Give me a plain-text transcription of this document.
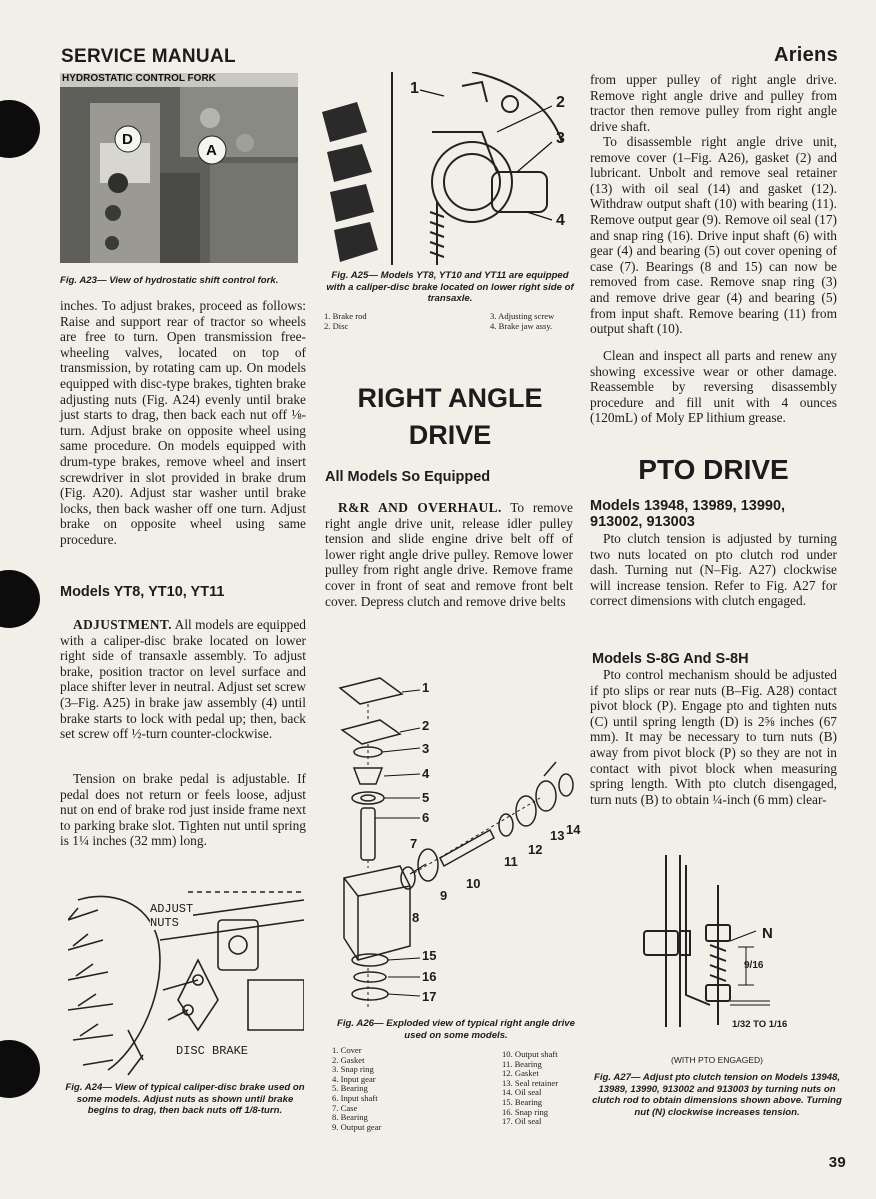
SERVICE MANUAL	Ariens
HYDROSTATIC CONTROL FORK
D
A
Fig. A23— View of hydrostatic shift control fork.

inches. To adjust brakes, proceed as follows: Raise and support rear of tractor so wheels are free to turn. Open transmission free-wheeling valves, located on top of transmission, by rotating cam up. On models equipped with disc-type brakes, tighten brake adjusting nuts (Fig. A24) evenly until brake just starts to drag, then back each nut off ⅛-turn. Adjust brake on opposite wheel using same procedure. On models equipped with drum-type brakes, remove wheel and insert screwdriver in slot provided in brake drum (Fig. A20). Adjust star washer until brake locks, then back washer off one turn. Adjust brake on opposite wheel using same procedure.

Models YT8, YT10, YT11

ADJUSTMENT. All models are equipped with a caliper-disc brake located on lower right side of transaxle assembly. To adjust brake, position tractor on level surface and place shifter lever in neutral. Adjust set screw (3–Fig. A25) in brake jaw assembly (4) until brake starts to lock with pedal up; then, back set screw off ½-turn counter-clockwise.

Tension on brake pedal is adjustable. If pedal does not return or feels loose, adjust nut on end of brake rod just inside frame next to parking brake slot. Tighten nut until spring is 1¼ inches (32 mm) long.

ADJUST
NUTS
DISC BRAKE
Fig. A24— View of typical caliper-disc brake used on some models. Adjust nuts as shown until brake begins to drag, then back nuts off 1/8-turn.
1
2
3
4
Fig. A25— Models YT8, YT10 and YT11 are equipped with a caliper-disc brake located on lower right side of transaxle.
1. Brake rod
2. Disc
3. Adjusting screw
4. Brake jaw assy.
RIGHT ANGLE
DRIVE
All Models So Equipped

R&R AND OVERHAUL. To remove right angle drive unit, release idler pulley tension and slide engine drive belt off of lower right angle drive pulley. Remove lower pulley from right angle drive. Remove frame cover in front of seat and remove front belt cover. Depress clutch and remove drive belts

1
2
3
4
5
6
7
8
9
10
11
12
13 14
15
16
17
Fig. A26— Exploded view of typical right angle drive used on some models.
1. Cover
2. Gasket
3. Snap ring
4. Input gear
5. Bearing
6. Input shaft
7. Case
8. Bearing
9. Output gear
10. Output shaft
11. Bearing
12. Gasket
13. Seal retainer
14. Oil seal
15. Bearing
16. Snap ring
17. Oil seal

from upper pulley of right angle drive. Remove right angle drive and pulley from tractor then remove pulley from right angle drive shaft.

To disassemble right angle drive unit, remove cover (1–Fig. A26), gasket (2) and lubricant. Unbolt and remove seal retainer (13) with oil seal (14) and gasket (12). Withdraw output shaft (10) with bearing (11). Remove output gear (9). Remove oil seal (17) and snap ring (16). Drive input shaft (6) with gear (4) and bearing (5) out cover opening of case (7). Bearings (8 and 15) can now be removed from case. Remove snap ring (3) and remove drive gear (4) and bearing (5) from input shaft. Remove bearing (11) from output shaft (10).

Clean and inspect all parts and renew any showing excessive wear or other damage. Reassemble by reversing disassembly procedure and fill unit with 4 ounces (120mL) of Moly EP lithium grease.

PTO DRIVE
Models 13948, 13989, 13990, 913002, 913003

Pto clutch tension is adjusted by turning two nuts located on pto clutch rod under dash. Turning nut (N–Fig. A27) clockwise will increase tension. Refer to Fig. A27 for correct dimensions with clutch engaged.

Models S-8G And S-8H

Pto control mechanism should be adjusted if pto slips or rear nuts (B–Fig. A28) contact pivot block (P). Engage pto and tighten nuts (C) until spring length (D) is 2⅝ inches (67 mm). It may be necessary to turn nuts (B) away from pivot block (P) so they are not in contact with pivot block when measuring spring length. With pto clutch disengaged, turn nuts (B) to obtain ¼-inch (6 mm) clear-

N
9/16
1/32 TO 1/16
(WITH PTO ENGAGED)
Fig. A27— Adjust pto clutch tension on Models 13948, 13989, 13990, 913002 and 913003 by turning nuts on clutch rod to obtain dimensions shown above. Turning nut (N) clockwise increases tension.
39
